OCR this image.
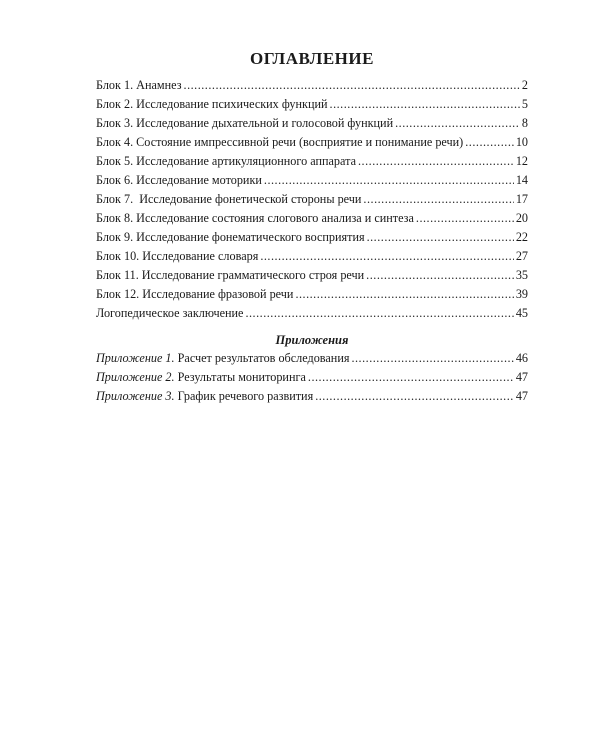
ОГЛАВЛЕНИЕ
Блок 1. Анамнез .....	2
Блок 2. Исследование психических функций .....	5
Блок 3. Исследование дыхательной и голосовой функций .....	8
Блок 4. Состояние импрессивной речи (восприятие и понимание речи) .....	10
Блок 5. Исследование артикуляционного аппарата .....	12
Блок 6. Исследование моторики .....	14
Блок 7.  Исследование фонетической стороны речи .....	17
Блок 8. Исследование состояния слогового анализа и синтеза .....	20
Блок 9. Исследование фонематического восприятия .....	22
Блок 10. Исследование словаря .....	27
Блок 11. Исследование грамматического строя речи .....	35
Блок 12. Исследование фразовой речи .....	39
Логопедическое заключение .....	45
Приложения
Приложение 1. Расчет результатов обследования .....	46
Приложение 2. Результаты мониторинга .....	47
Приложение 3. График речевого развития .....	47
